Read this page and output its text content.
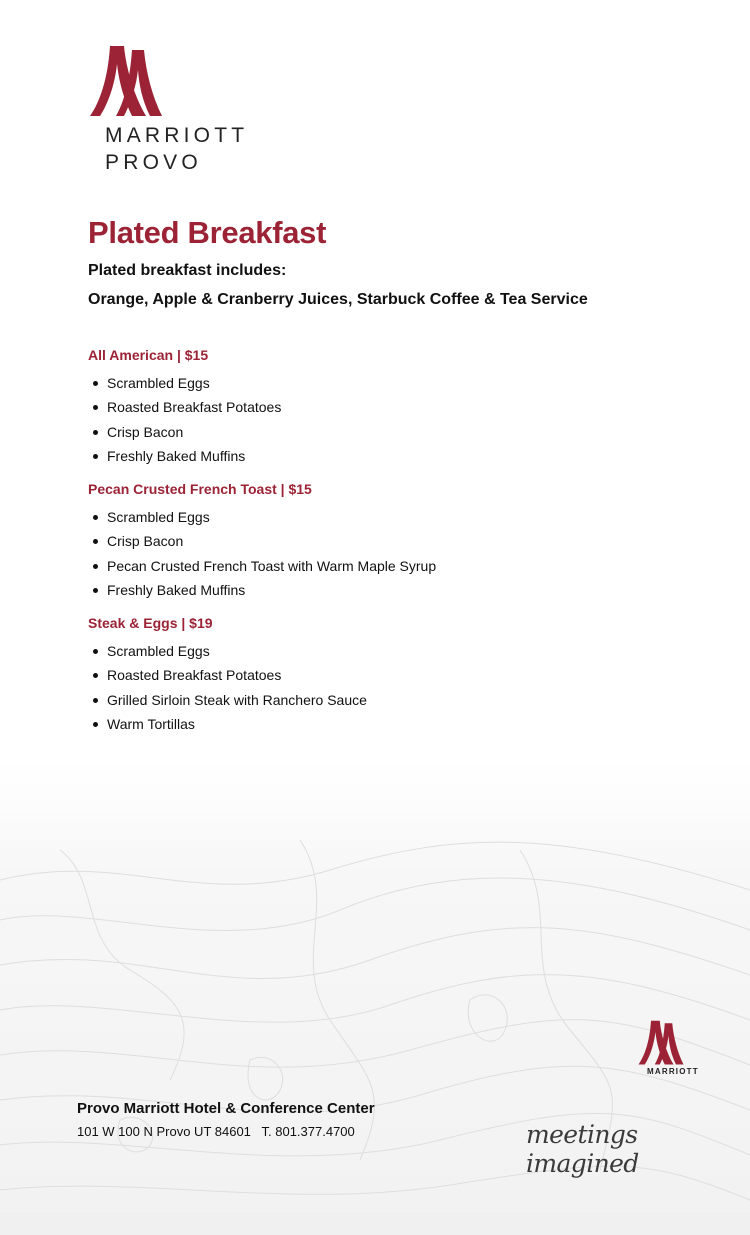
MARRIOTT
PROVO
Plated Breakfast
Plated breakfast includes:
Orange, Apple & Cranberry Juices, Starbuck Coffee & Tea Service
All American | $15
Scrambled Eggs
Roasted Breakfast Potatoes
Crisp Bacon
Freshly Baked Muffins
Pecan Crusted French Toast | $15
Scrambled Eggs
Crisp Bacon
Pecan Crusted French Toast with Warm Maple Syrup
Freshly Baked Muffins
Steak & Eggs | $19
Scrambled Eggs
Roasted Breakfast Potatoes
Grilled Sirloin Steak with Ranchero Sauce
Warm Tortillas
MARRIOTT
Provo Marriott Hotel & Conference Center
101 W 100 N Provo UT 84601   T. 801.377.4700	meetings imagined
